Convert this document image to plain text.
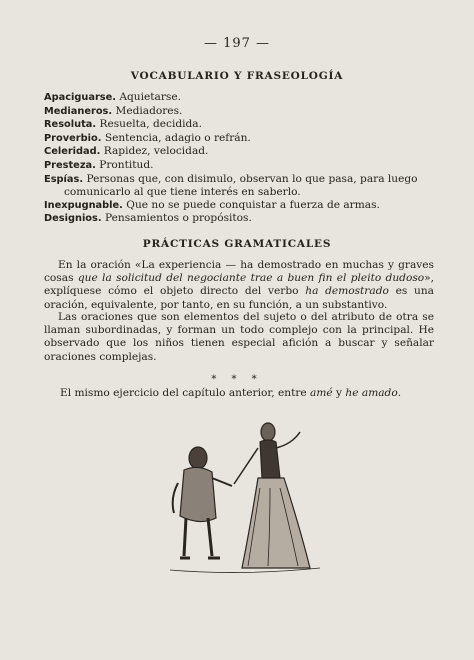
— 197 —
VOCABULARIO Y FRASEOLOGÍA
Apaciguarse. Aquietarse.
Medianeros. Mediadores.
Resoluta. Resuelta, decidida.
Proverbio. Sentencia, adagio o refrán.
Celeridad. Rapidez, velocidad.
Presteza. Prontitud.
Espías. Personas que, con disimulo, observan lo que pasa, para luego comunicarlo al que tiene interés en saberlo.
Inexpugnable. Que no se puede conquistar a fuerza de armas.
Designios. Pensamientos o propósitos.
PRÁCTICAS GRAMATICALES
En la oración «La experiencia — ha demostrado en muchas y graves cosas que la solicitud del negociante trae a buen fin el pleito dudoso», explíquese cómo el objeto directo del verbo ha demostrado es una oración, equivalente, por tanto, en su función, a un substantivo.
Las oraciones que son elementos del sujeto o del atributo de otra se llaman subordinadas, y forman un todo complejo con la principal. He observado que los niños tienen especial afición a buscar y señalar oraciones complejas.
* * *
El mismo ejercicio del capítulo anterior, entre amé y he amado.
